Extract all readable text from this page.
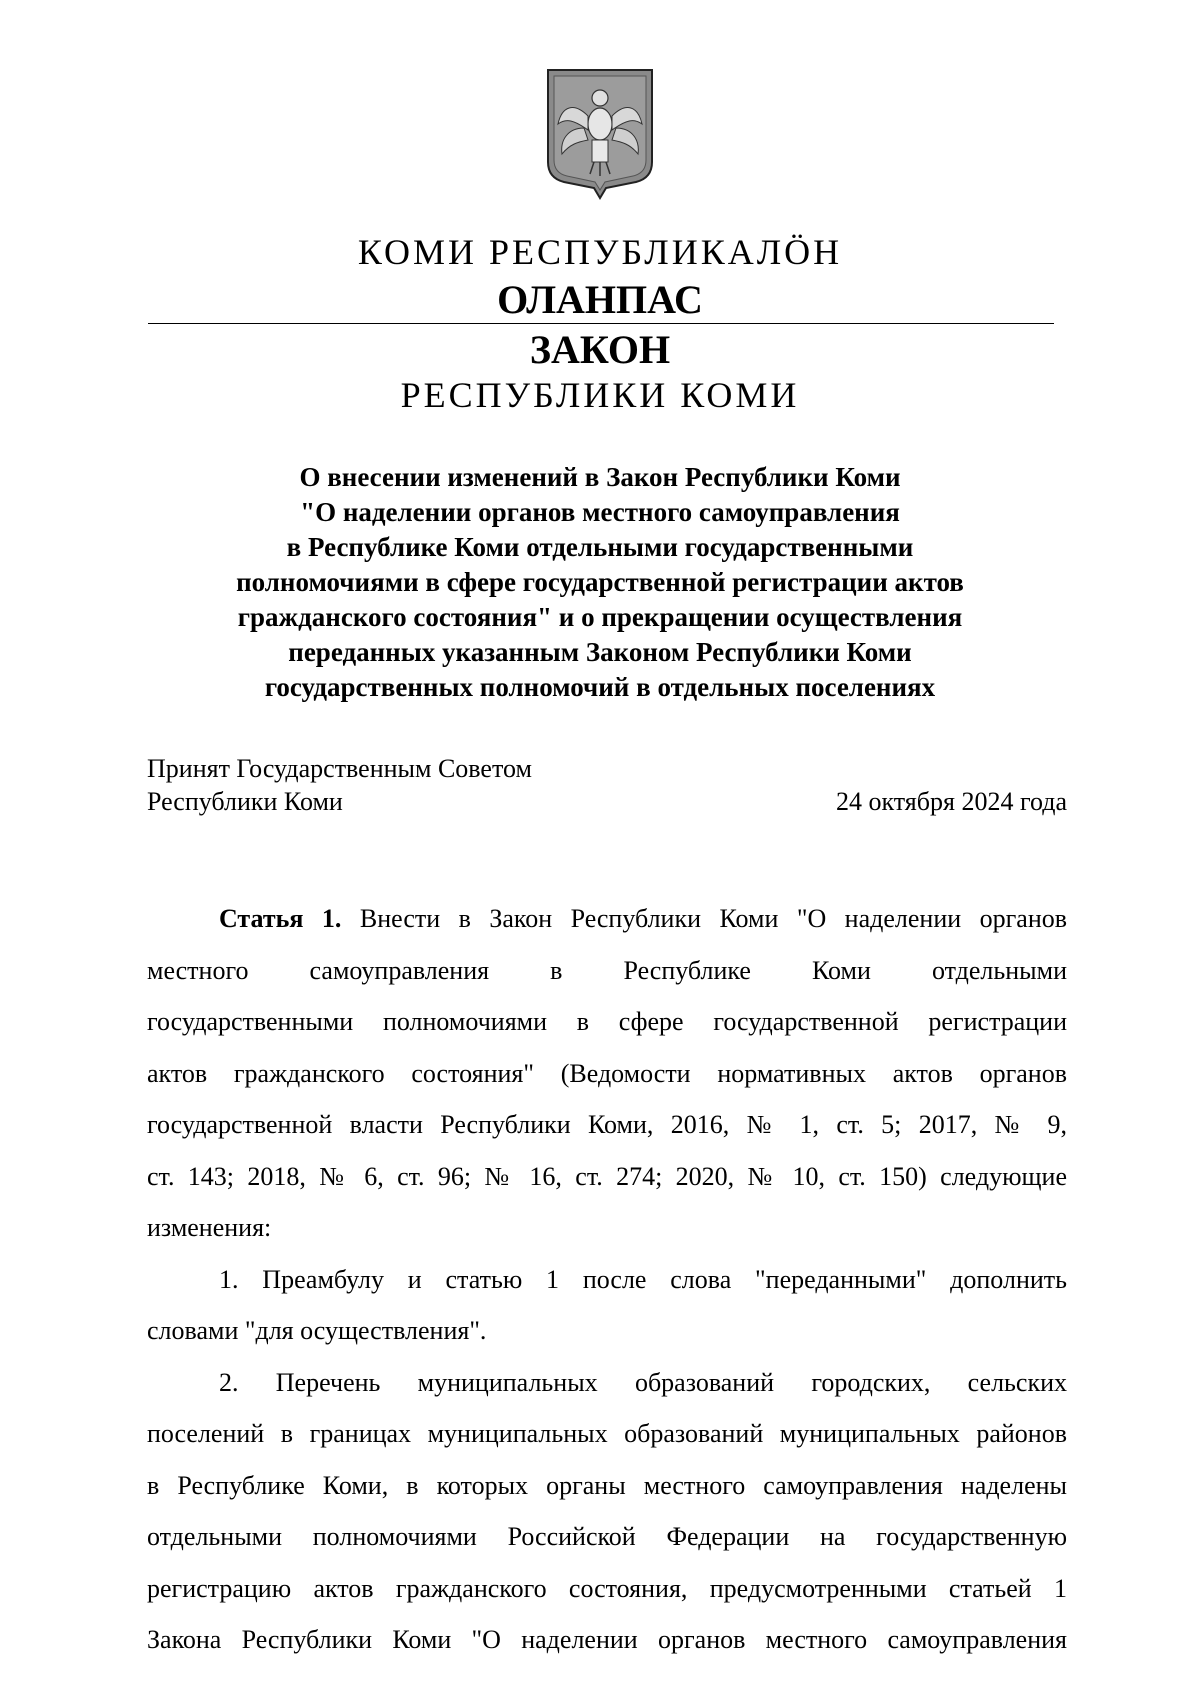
КОМИ РЕСПУБЛИКАЛӦН
ОЛАНПАС
ЗАКОН
РЕСПУБЛИКИ КОМИ
О внесении изменений в Закон Республики Коми
"О наделении органов местного самоуправления
в Республике Коми отдельными государственными
полномочиями в сфере государственной регистрации актов
гражданского состояния" и о прекращении осуществления
переданных указанным Законом Республики Коми
государственных полномочий в отдельных поселениях
Принят Государственным Советом
Республики Коми	24 октября 2024 года
Статья 1. Внести в Закон Республики Коми "О наделении органов
местного самоуправления в Республике Коми отдельными
государственными полномочиями в сфере государственной регистрации
актов гражданского состояния" (Ведомости нормативных актов органов
государственной власти Республики Коми, 2016, № 1, ст. 5; 2017, № 9,
ст. 143; 2018, № 6, ст. 96; № 16, ст. 274; 2020, № 10, ст. 150) следующие
изменения:
1. Преамбулу и статью 1 после слова "переданными" дополнить
словами "для осуществления".
2. Перечень муниципальных образований городских, сельских
поселений в границах муниципальных образований муниципальных районов
в Республике Коми, в которых органы местного самоуправления наделены
отдельными полномочиями Российской Федерации на государственную
регистрацию актов гражданского состояния, предусмотренными статьей 1
Закона Республики Коми "О наделении органов местного самоуправления
